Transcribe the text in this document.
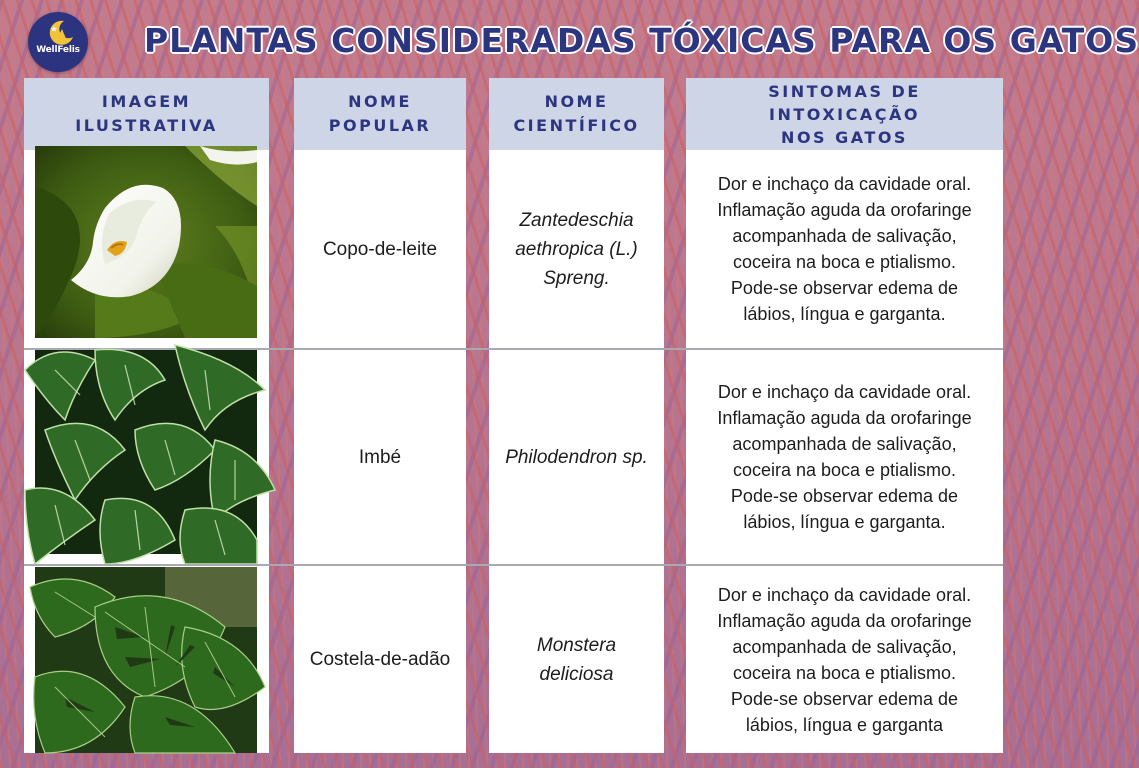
WellFelis PLANTAS CONSIDERADAS TÓXICAS PARA OS GATOS
IMAGEM
ILUSTRATIVA
NOME
POPULAR
Copo-de-leite
Imbé
Costela-de-adão
NOME
CIENTÍFICO
Zantedeschia
aethropica (L.)
Spreng.
Philodendron sp.
Monstera
deliciosa
SINTOMAS DE
INTOXICAÇÃO
NOS GATOS
Dor e inchaço da cavidade oral.
Inflamação aguda da orofaringe
acompanhada de salivação,
coceira na boca e ptialismo.
Pode-se observar edema de
lábios, língua e garganta.
Dor e inchaço da cavidade oral.
Inflamação aguda da orofaringe
acompanhada de salivação,
coceira na boca e ptialismo.
Pode-se observar edema de
lábios, língua e garganta.
Dor e inchaço da cavidade oral.
Inflamação aguda da orofaringe
acompanhada de salivação,
coceira na boca e ptialismo.
Pode-se observar edema de
lábios, língua e garganta
